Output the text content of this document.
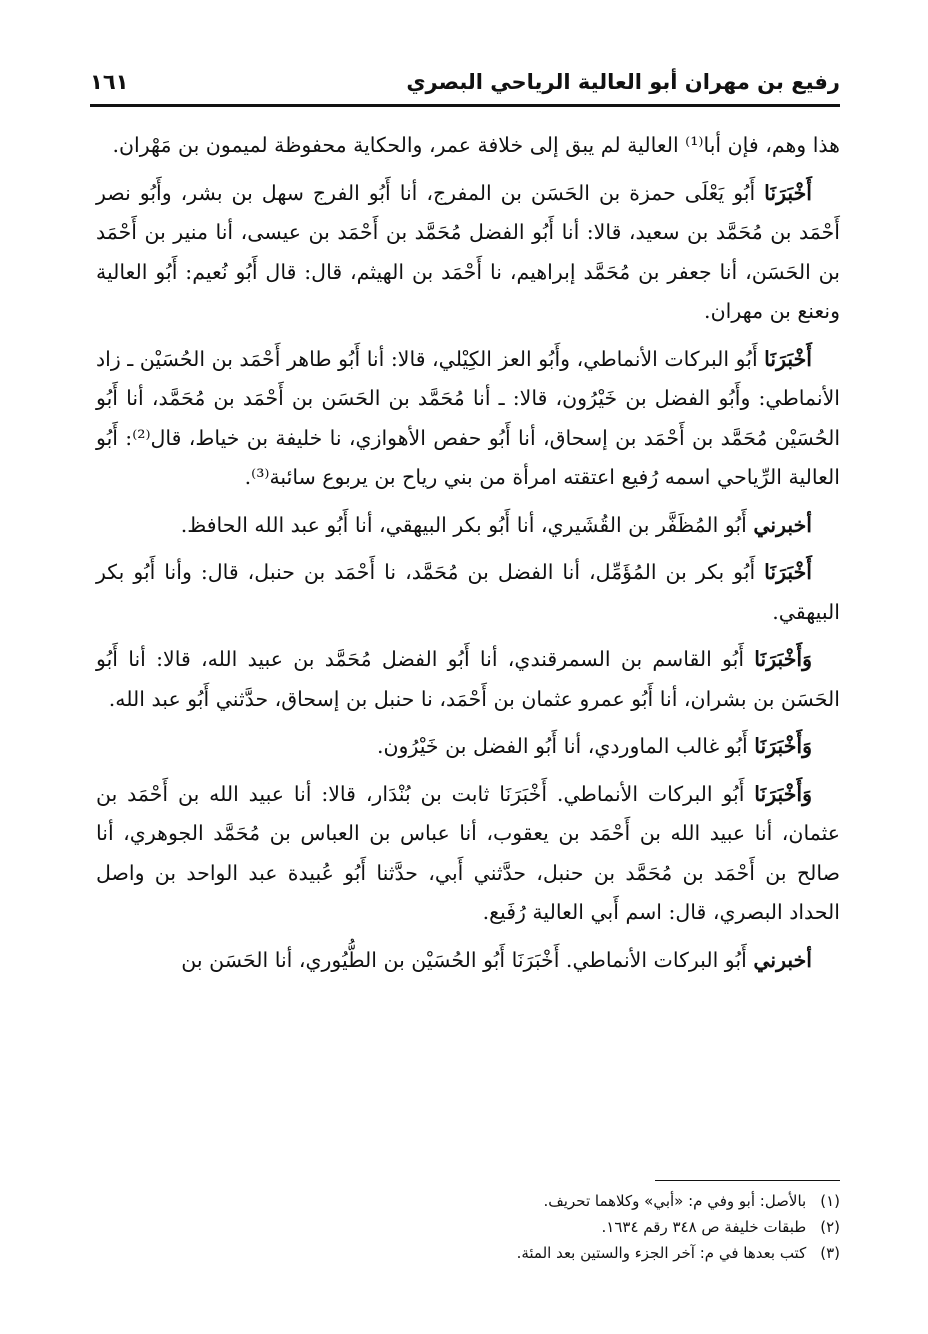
رفيع بن مهران أبو العالية الرياحي البصري
١٦١

هذا وهم، فإن أبا⁽¹⁾ العالية لم يبق إلى خلافة عمر، والحكاية محفوظة لميمون بن مَهْران.

أَخْبَرَنَا أَبُو يَعْلَى حمزة بن الحَسَن بن المفرج، أنا أَبُو الفرج سهل بن بشر، وأَبُو نصر أَحْمَد بن مُحَمَّد بن سعيد، قالا: أنا أَبُو الفضل مُحَمَّد بن أَحْمَد بن عيسى، أنا منير بن أَحْمَد بن الحَسَن، أنا جعفر بن مُحَمَّد إبراهيم، نا أَحْمَد بن الهيثم، قال: قال أَبُو نُعيم: أَبُو العالية ونعنع بن مهران.

أَخْبَرَنَا أَبُو البركات الأنماطي، وأَبُو العز الكِيْلي، قالا: أنا أَبُو طاهر أَحْمَد بن الحُسَيْن ـ زاد الأنماطي: وأَبُو الفضل بن خَيْرُون، قالا: ـ أنا مُحَمَّد بن الحَسَن بن أَحْمَد بن مُحَمَّد، أنا أَبُو الحُسَيْن مُحَمَّد بن أَحْمَد بن إسحاق، أنا أَبُو حفص الأهوازي، نا خليفة بن خياط، قال⁽²⁾: أَبُو العالية الرِّياحي اسمه رُفيع اعتقته امرأة من بني رياح بن يربوع سائبة⁽³⁾.

أخبرني أَبُو المُظَفَّر بن القُشَيري، أنا أَبُو بكر البيهقي، أنا أَبُو عبد الله الحافظ.

أَخْبَرَنَا أَبُو بكر بن المُؤَمِّل، أنا الفضل بن مُحَمَّد، نا أَحْمَد بن حنبل، قال: وأنا أَبُو بكر البيهقي.

وَأَخْبَرَنَا أَبُو القاسم بن السمرقندي، أنا أَبُو الفضل مُحَمَّد بن عبيد الله، قالا: أنا أَبُو الحَسَن بن بشران، أنا أَبُو عمرو عثمان بن أَحْمَد، نا حنبل بن إسحاق، حدَّثني أَبُو عبد الله.

وَأَخْبَرَنَا أَبُو غالب الماوردي، أنا أَبُو الفضل بن خَيْرُون.

وَأَخْبَرَنَا أَبُو البركات الأنماطي. أَخْبَرَنَا ثابت بن بُنْدَار، قالا: أنا عبيد الله بن أَحْمَد بن عثمان، أنا عبيد الله بن أَحْمَد بن يعقوب، أنا عباس بن العباس بن مُحَمَّد الجوهري، أنا صالح بن أَحْمَد بن مُحَمَّد بن حنبل، حدَّثني أَبي، حدَّثنا أَبُو عُبيدة عبد الواحد بن واصل الحداد البصري، قال: اسم أَبي العالية رُفَيع.

أخبرني أَبُو البركات الأنماطي. أَخْبَرَنَا أَبُو الحُسَيْن بن الطُّيُوري، أنا الحَسَن بن

(١)
بالأصل: أبو وفي م: «أبي» وكلاهما تحريف.
(٢)
طبقات خليفة ص ٣٤٨ رقم ١٦٣٤.
(٣)
كتب بعدها في م: آخر الجزء والستين بعد المئة.
